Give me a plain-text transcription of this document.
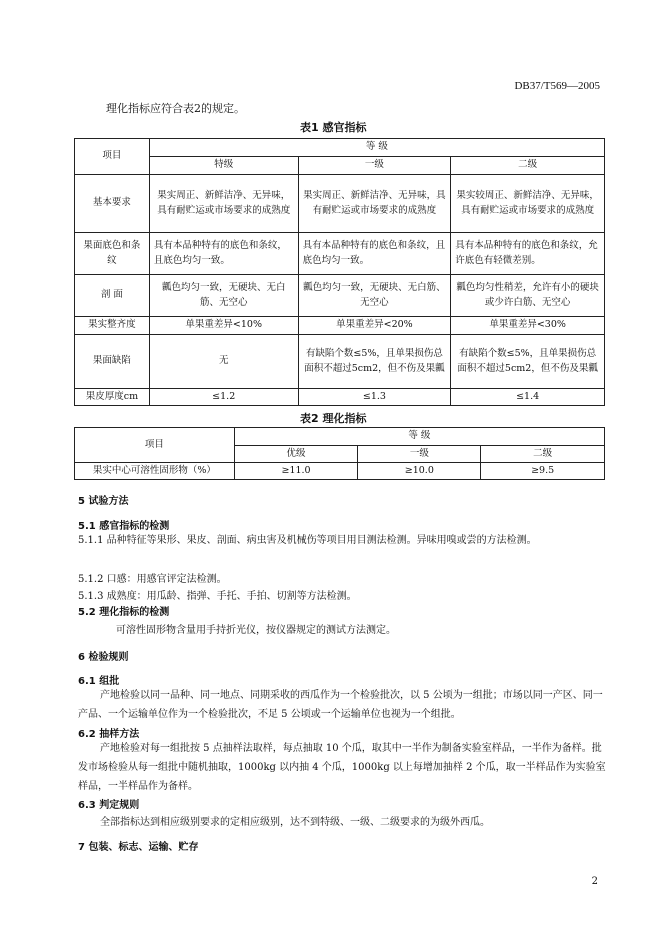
DB37/T569—2005
理化指标应符合表2的规定。
表1 感官指标
项目	等 级		
	特级	一级	二级
基本要求	果实周正、新鲜洁净、无异味，具有耐贮运或市场要求的成熟度	果实周正、新鲜洁净、无异味，具有耐贮运或市场要求的成熟度	果实较周正、新鲜洁净、无异味，具有耐贮运或市场要求的成熟度
果面底色和条纹	具有本品种特有的底色和条纹，且底色均匀一致。	具有本品种特有的底色和条纹，且底色均匀一致。	具有本品种特有的底色和条纹，允许底色有轻微差别。
剖 面	瓤色均匀一致，无硬块、无白筋、无空心	瓤色均匀一致，无硬块、无白筋、无空心	瓤色均匀性稍差，允许有小的硬块或少许白筋、无空心
果实整齐度	单果重差异<10%	单果重差异<20%	单果重差异<30%
果面缺陷	无	有缺陷个数≤5%，且单果损伤总面积不超过5cm2，但不伤及果瓤	有缺陷个数≤5%，且单果损伤总面积不超过5cm2，但不伤及果瓤
果皮厚度cm	≤1.2	≤1.3	≤1.4
表2 理化指标
项目	等 级		
	优级	一级	二级
果实中心可溶性固形物（%）	≥11.0	≥10.0	≥9.5
5 试验方法
5.1 感官指标的检测
5.1.1 品种特征等果形、果皮、剖面、病虫害及机械伤等项目用目测法检测。异味用嗅或尝的方法检测。
5.1.2 口感：用感官评定法检测。
5.1.3 成熟度：用瓜龄、指弹、手托、手拍、切割等方法检测。
5.2 理化指标的检测
可溶性固形物含量用手持折光仪，按仪器规定的测试方法测定。
6 检验规则
6.1 组批
产地检验以同一品种、同一地点、同期采收的西瓜作为一个检验批次，以 5 公顷为一组批；市场以同一产区、同一产品、一个运输单位作为一个检验批次，不足 5 公顷或一个运输单位也视为一个组批。
6.2 抽样方法
产地检验对每一组批按 5 点抽样法取样，每点抽取 10 个瓜，取其中一半作为制备实验室样品，一半作为备样。批发市场检验从每一组批中随机抽取，1000kg 以内抽 4 个瓜，1000kg 以上每增加抽样 2 个瓜，取一半样品作为实验室样品，一半样品作为备样。
6.3 判定规则
全部指标达到相应级别要求的定相应级别，达不到特级、一级、二级要求的为级外西瓜。
7 包装、标志、运输、贮存
2
